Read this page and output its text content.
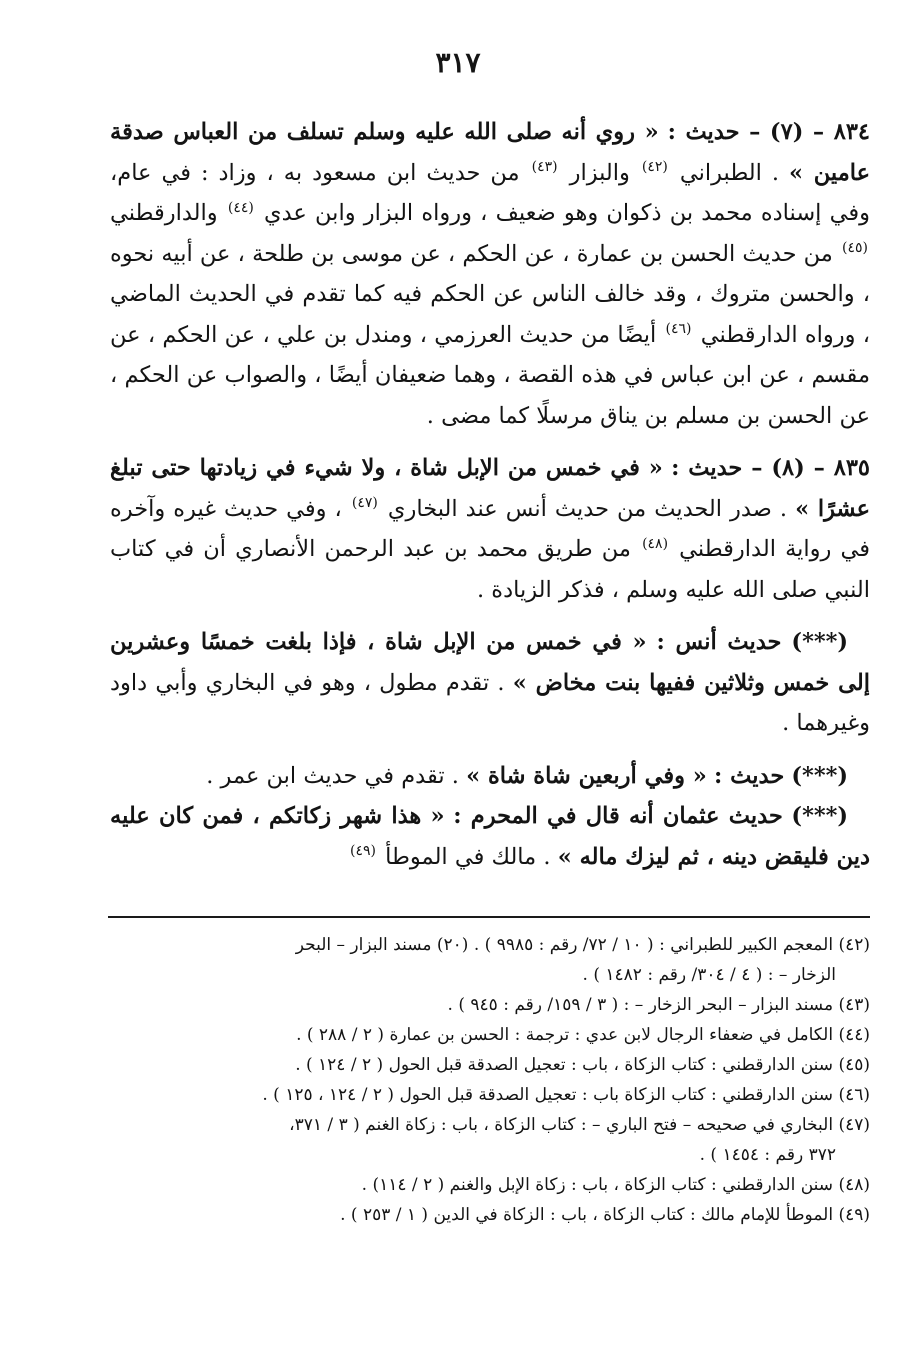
٣١٧

٨٣٤ – (٧) – حديث : « روي أنه صلى الله عليه وسلم تسلف من العباس صدقة عامين » . الطبراني $^{(٤٢)}$ والبزار $^{(٤٣)}$ من حديث ابن مسعود به ، وزاد : في عام، وفي إسناده محمد بن ذكوان وهو ضعيف ، ورواه البزار وابن عدي $^{(٤٤)}$ والدارقطني $^{(٤٥)}$ من حديث الحسن بن عمارة ، عن الحكم ، عن موسى بن طلحة ، عن أبيه نحوه ، والحسن متروك ، وقد خالف الناس عن الحكم فيه كما تقدم في الحديث الماضي ، ورواه الدارقطني $^{(٤٦)}$ أيضًا من حديث العرزمي ، ومندل بن علي ، عن الحكم ، عن مقسم ، عن ابن عباس في هذه القصة ، وهما ضعيفان أيضًا ، والصواب عن الحكم ، عن الحسن بن مسلم بن يناق مرسلًا كما مضى .

٨٣٥ – (٨) – حديث : « في خمس من الإبل شاة ، ولا شيء في زيادتها حتى تبلغ عشرًا » . صدر الحديث من حديث أنس عند البخاري $^{(٤٧)}$ ، وفي حديث غيره وآخره في رواية الدارقطني $^{(٤٨)}$ من طريق محمد بن عبد الرحمن الأنصاري أن في كتاب النبي صلى الله عليه وسلم ، فذكر الزيادة .

(***) حديث أنس : « في خمس من الإبل شاة ، فإذا بلغت خمسًا وعشرين إلى خمس وثلاثين ففيها بنت مخاض » . تقدم مطول ، وهو في البخاري وأبي داود وغيرهما .

(***) حديث : « وفي أربعين شاة شاة » . تقدم في حديث ابن عمر .

(***) حديث عثمان أنه قال في المحرم : « هذا شهر زكاتكم ، فمن كان عليه دين فليقض دينه ، ثم ليزك ماله » . مالك في الموطأ $^{(٤٩)}$

(٤٢) المعجم الكبير للطبراني : ( ١٠ / ٧٢/ رقم : ٩٩٨٥ ) . (٢٠) مسند البزار – البحر
الزخار – : ( ٤ / ٣٠٤/ رقم : ١٤٨٢ ) .

(٤٣) مسند البزار – البحر الزخار – : ( ٣ / ١٥٩/ رقم : ٩٤٥ ) .

(٤٤) الكامل في ضعفاء الرجال لابن عدي : ترجمة : الحسن بن عمارة ( ٢ / ٢٨٨ ) .

(٤٥) سنن الدارقطني : كتاب الزكاة ، باب : تعجيل الصدقة قبل الحول ( ٢ / ١٢٤ ) .

(٤٦) سنن الدارقطني : كتاب الزكاة باب : تعجيل الصدقة قبل الحول ( ٢ / ١٢٤ ، ١٢٥ ) .

(٤٧) البخاري في صحيحه – فتح الباري – : كتاب الزكاة ، باب : زكاة الغنم ( ٣ / ٣٧١،
٣٧٢ رقم : ١٤٥٤ ) .

(٤٨) سنن الدارقطني : كتاب الزكاة ، باب : زكاة الإبل والغنم ( ٢ / ١١٤) .

(٤٩) الموطأ للإمام مالك : كتاب الزكاة ، باب : الزكاة في الدين ( ١ / ٢٥٣ ) .
